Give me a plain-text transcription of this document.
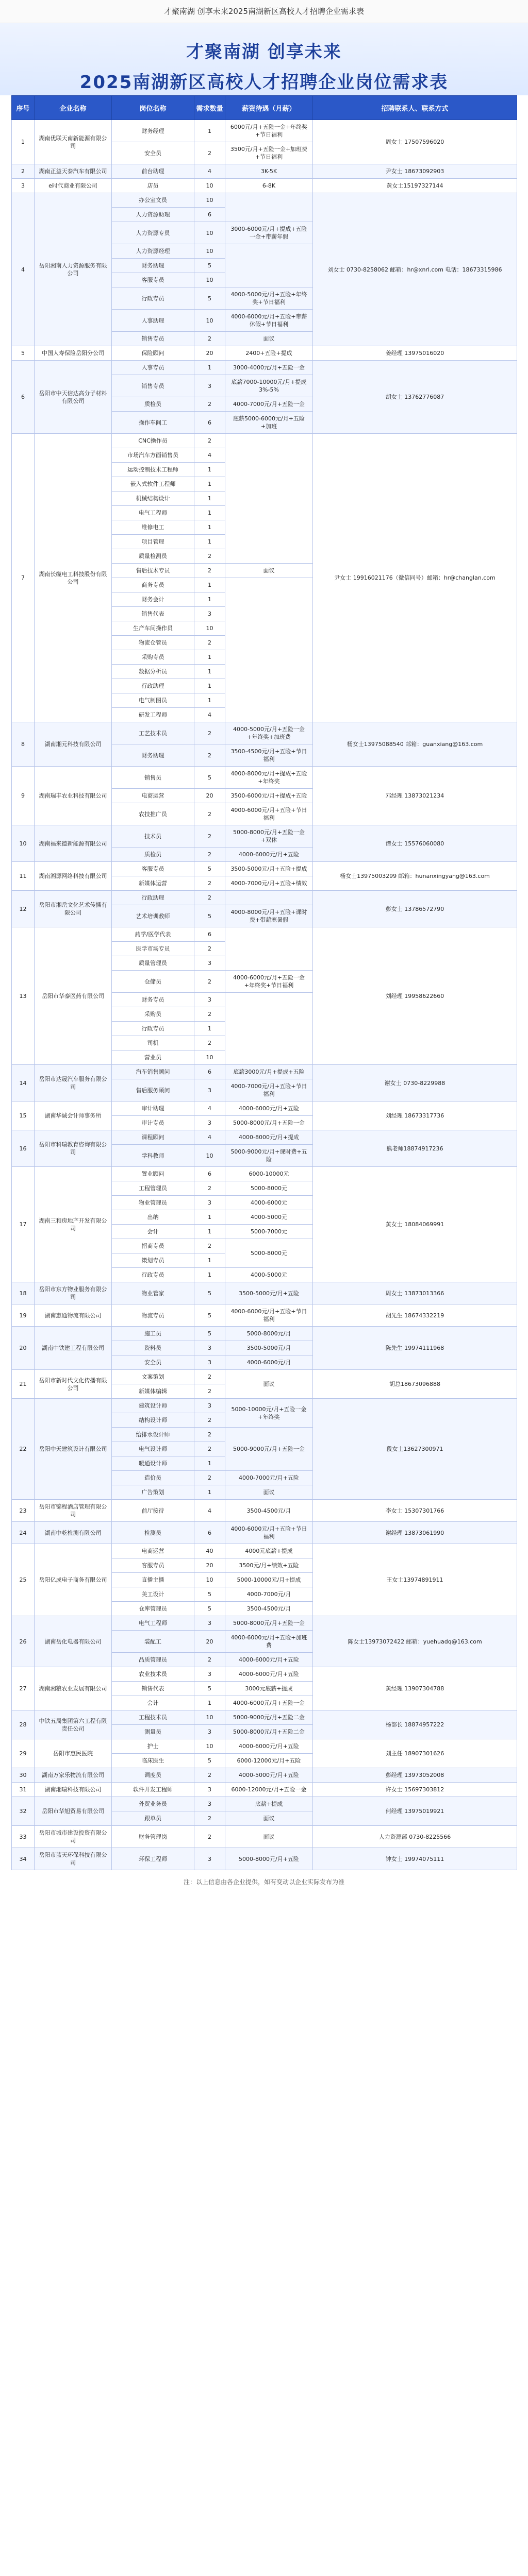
才聚南湖 创享未来2025南湖新区高校人才招聘企业需求表
才聚南湖 创享未来
2025南湖新区高校人才招聘企业岗位需求表
序号	企业名称	岗位名称	需求数量	薪资待遇（月薪）	招聘联系人、联系方式
1	湖南优联天南新能源有限公司	财务经理	1	6000元/月+五险一金+年终奖+节日福利	周女士 17507596020
		安全员	2	3500元/月+五险一金+加班费+节日福利	
2	湖南正益天泰汽车有限公司	前台助理	4	3K-5K	尹女士 18673092903
3	e时代商业有限公司	店员	10	6-8K	黄女士15197327144
4	岳阳湘南人力资源服务有限公司	办公室文员	10		刘女士 0730-8258062 邮箱：hr@xnrl.com 电话：18673315986
		人力资源助理	6		
		人力资源专员	10	3000-6000元/月+提成+五险一金+带薪年假	
		人力资源经理	10		
		财务助理	5		
		客服专员	10		
		行政专员	5	4000-5000元/月+五险+年终奖+节日福利	
		人事助理	10	4000-6000元/月+五险+带薪休假+节日福利	
		销售专员	2	面议	
5	中国人寿保险岳阳分公司	保险顾问	20	2400+五险+提成	姜经理 13975016020
6	岳阳市中天信达高分子材料有限公司	人事专员	1	3000-4000元/月+五险一金	胡女士 13762776087
		销售专员	3	底薪7000-10000元/月+提成3%-5%	
		质检员	2	4000-7000元/月+五险一金	
		操作车间工	6	底薪5000-6000元/月+五险+加班	
7	湖南长缆电工科技股份有限公司	CNC操作员	2		尹女士 19916021176（微信同号）邮箱：hr@changlan.com
		市场汽车方面销售员	4		
		运动控制技术工程师	1		
		嵌入式软件工程师	1		
		机械结构设计	1		
		电气工程师	1		
		维修电工	1		
		项目管理	1		
		质量检测员	2		
		售后技术专员	2	面议	
		商务专员	1		
		财务会计	1		
		销售代表	3		
		生产车间操作员	10		
		物流仓管员	2		
		采购专员	1		
		数据分析员	1		
		行政助理	1		
		电气制图员	1		
		研发工程师	4		
8	湖南湘元科技有限公司	工艺技术员	2	4000-5000元/月+五险一金+年终奖+加班费	杨女士13975088540 邮箱：guanxiang@163.com
		财务助理	2	3500-4500元/月+五险+节日福利	
9	湖南瑞丰农业科技有限公司	销售员	5	4000-8000元/月+提成+五险+年终奖	邓经理 13873021234
		电商运营	20	3500-6000元/月+提成+五险	
		农技推广员	2	4000-6000元/月+五险+节日福利	
10	湖南福来德新能源有限公司	技术员	2	5000-8000元/月+五险一金+双休	谭女士 15576060080
		质检员	2	4000-6000元/月+五险	
11	湖南湘源网络科技有限公司	客服专员	5	3500-5000元/月+五险+提成	杨女士13975003299 邮箱：hunanxingyang@163.com
		新媒体运营	2	4000-7000元/月+五险+绩效	
12	岳阳市湘岳文化艺术传播有限公司	行政助理	2		彭女士 13786572790
		艺术培训教师	5	4000-8000元/月+五险+课时费+带薪寒暑假	
13	岳阳市华泰医药有限公司	药学/医学代表	6		刘经理 19958622660
		医学市场专员	2		
		质量管理员	3		
		仓储员	2	4000-6000元/月+五险一金+年终奖+节日福利	
		财务专员	3		
		采购员	2		
		行政专员	1		
		司机	2		
		营业员	10		
14	岳阳市达晟汽车服务有限公司	汽车销售顾问	6	底薪3000元/月+提成+五险	谢女士 0730-8229988
		售后服务顾问	3	4000-7000元/月+五险+节日福利	
15	湖南华诚会计师事务所	审计助理	4	4000-6000元/月+五险	刘经理 18673317736
		审计专员	3	5000-8000元/月+五险一金	
16	岳阳市科瑞教育咨询有限公司	课程顾问	4	4000-8000元/月+提成	熊老师18874917236
		学科教师	10	5000-9000元/月+课时费+五险	
17	湖南三和房地产开发有限公司	置业顾问	6	6000-10000元	黄女士 18084069991
		工程管理员	2	5000-8000元	
		物业管理员	3	4000-6000元	
		出纳	1	4000-5000元	
		会计	1	5000-7000元	
		招商专员	2	5000-8000元	
		策划专员	1		
		行政专员	1	4000-5000元	
18	岳阳市东方物业服务有限公司	物业管家	5	3500-5000元/月+五险	周女士 13873013366
19	湖南惠通物流有限公司	物流专员	5	4000-6000元/月+五险+节日福利	胡先生 18674332219
20	湖南中铁建工程有限公司	施工员	5	5000-8000元/月	陈先生 19974111968
		资料员	3	3500-5000元/月	
		安全员	3	4000-6000元/月	
21	岳阳市新时代文化传播有限公司	文案策划	2	面议	胡总18673096888
		新媒体编辑	2		
22	岳阳中天建筑设计有限公司	建筑设计师	3	5000-10000元/月+五险一金+年终奖	段女士13627300971
		结构设计师	2		
		给排水设计师	2	5000-9000元/月+五险一金	
		电气设计师	2		
		暖通设计师	1		
		造价员	2	4000-7000元/月+五险	
		广告策划	1	面议	
23	岳阳市锦程酒店管理有限公司	前厅接待	4	3500-4500元/月	李女士 15307301766
24	湖南中乾检测有限公司	检测员	6	4000-6000元/月+五险+节日福利	谢经理 13873061990
25	岳阳亿成电子商务有限公司	电商运营	40	4000元底薪+提成	王女士13974891911
		客服专员	20	3500元/月+绩效+五险	
		直播主播	10	5000-10000元/月+提成	
		美工设计	5	4000-7000元/月	
		仓库管理员	5	3500-4500元/月	
26	湖南岳化电器有限公司	电气工程师	3	5000-8000元/月+五险一金	陈女士13973072422 邮箱：yuehuadq@163.com
		装配工	20	4000-6000元/月+五险+加班费	
		品质管理员	2	4000-6000元/月+五险	
27	湖南湘粮农业发展有限公司	农业技术员	3	4000-6000元/月+五险	黄经理 13907304788
		销售代表	5	3000元底薪+提成	
		会计	1	4000-6000元/月+五险一金	
28	中铁五局集团第六工程有限责任公司	工程技术员	10	5000-9000元/月+五险二金	杨部长 18874957222
		测量员	3	5000-8000元/月+五险二金	
29	岳阳市惠民医院	护士	10	4000-6000元/月+五险	刘主任 18907301626
		临床医生	5	6000-12000元/月+五险	
30	湖南万家乐物流有限公司	调度员	2	4000-5000元/月+五险	彭经理 13973052008
31	湖南湘瑞科技有限公司	软件开发工程师	3	6000-12000元/月+五险一金	许女士 15697303812
32	岳阳市华旭贸易有限公司	外贸业务员	3	底薪+提成	何经理 13975019921
		跟单员	2	面议	
33	岳阳市城市建设投资有限公司	财务管理岗	2	面议	人力资源部 0730-8225566
34	岳阳市蓝天环保科技有限公司	环保工程师	3	5000-8000元/月+五险	钟女士 19974075111
注：以上信息由各企业提供，如有变动以企业实际发布为准
